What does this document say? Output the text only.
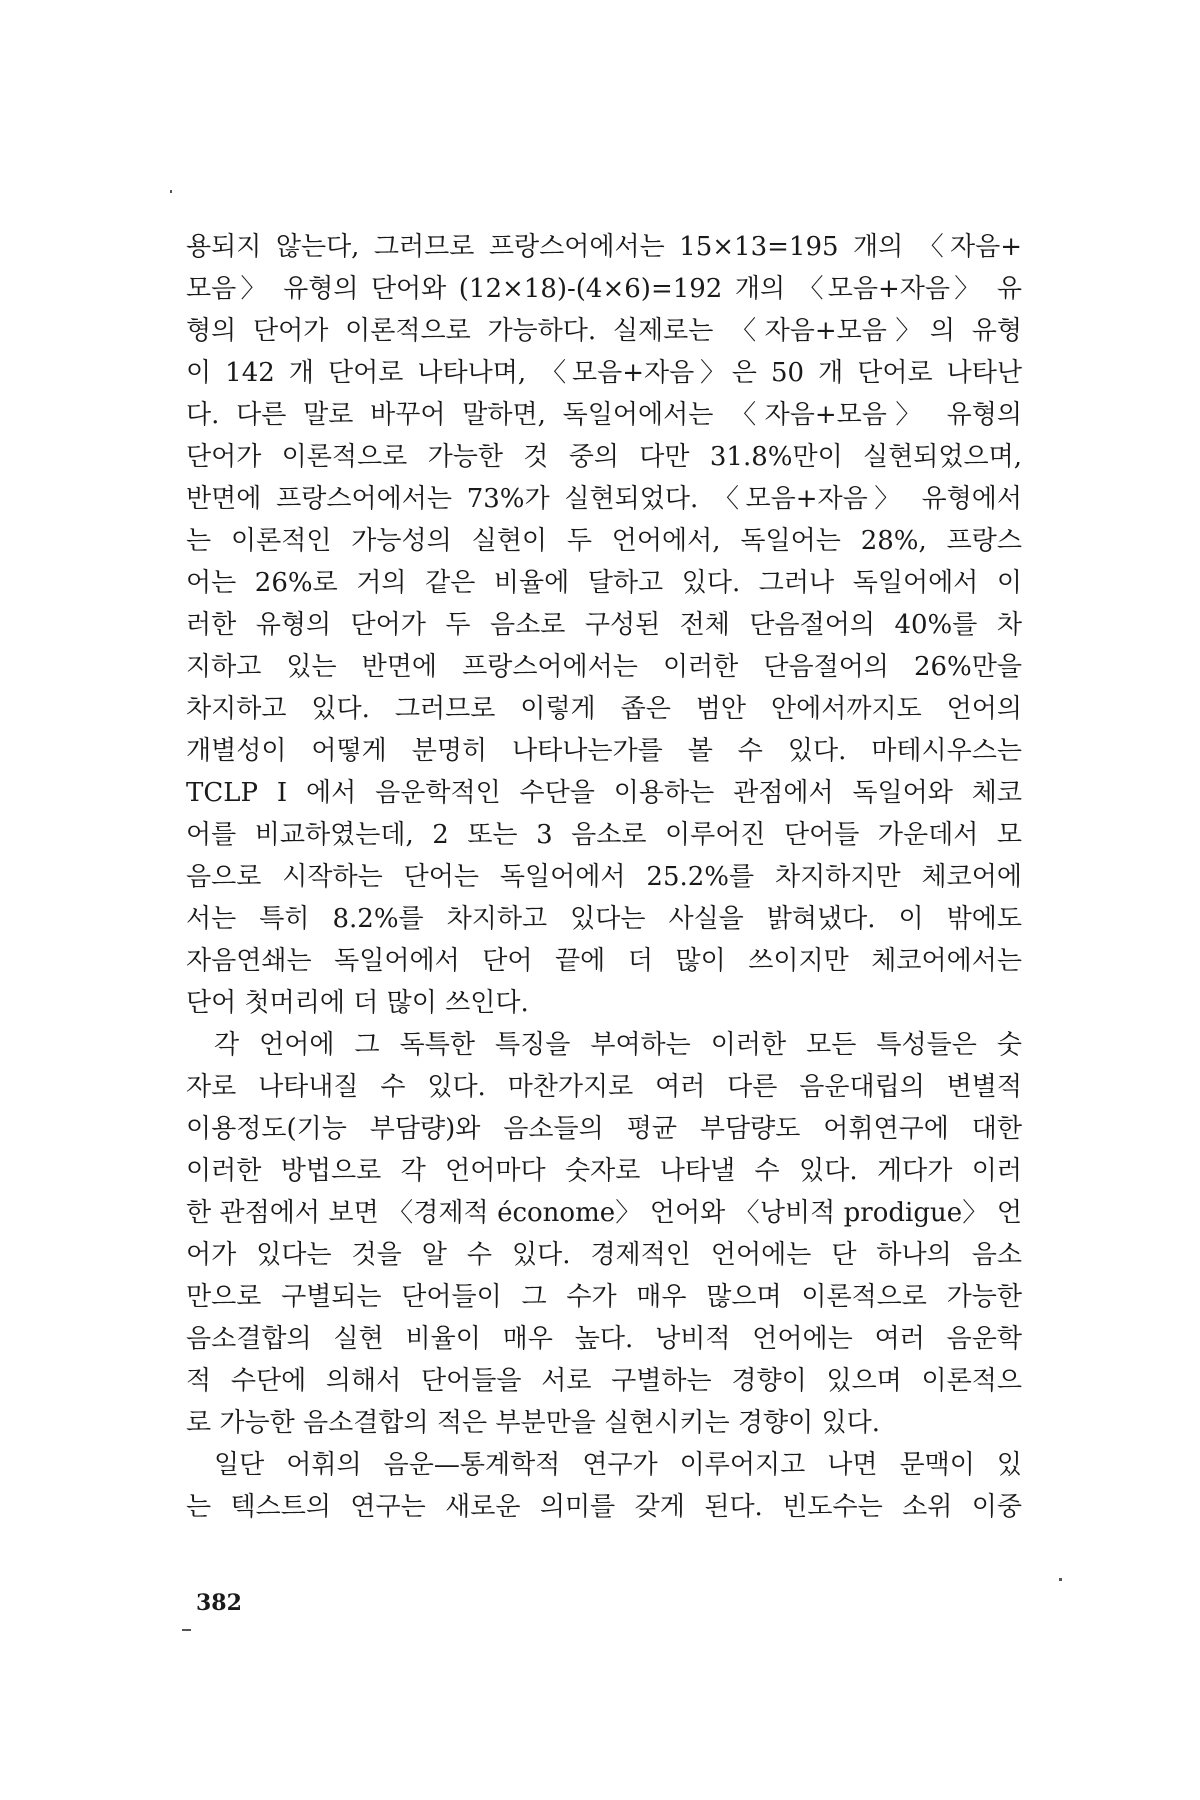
용되지 않는다, 그러므로 프랑스어에서는 15×13=195 개의 〈자음+
모음〉 유형의 단어와 (12×18)-(4×6)=192 개의 〈모음+자음〉 유
형의 단어가 이론적으로 가능하다. 실제로는 〈자음+모음〉의 유형
이 142 개 단어로 나타나며, 〈모음+자음〉은 50 개 단어로 나타난
다. 다른 말로 바꾸어 말하면, 독일어에서는 〈자음+모음〉 유형의
단어가 이론적으로 가능한 것 중의 다만 31.8%만이 실현되었으며,
반면에 프랑스어에서는 73%가 실현되었다. 〈모음+자음〉 유형에서
는 이론적인 가능성의 실현이 두 언어에서, 독일어는 28%, 프랑스
어는 26%로 거의 같은 비율에 달하고 있다. 그러나 독일어에서 이
러한 유형의 단어가 두 음소로 구성된 전체 단음절어의 40%를 차
지하고 있는 반면에 프랑스어에서는 이러한 단음절어의 26%만을
차지하고 있다. 그러므로 이렇게 좁은 범안 안에서까지도 언어의
개별성이 어떻게 분명히 나타나는가를 볼 수 있다. 마테시우스는
TCLP I 에서 음운학적인 수단을 이용하는 관점에서 독일어와 체코
어를 비교하였는데, 2 또는 3 음소로 이루어진 단어들 가운데서 모
음으로 시작하는 단어는 독일어에서 25.2%를 차지하지만 체코어에
서는 특히 8.2%를 차지하고 있다는 사실을 밝혀냈다. 이 밖에도
자음연쇄는 독일어에서 단어 끝에 더 많이 쓰이지만 체코어에서는
단어 첫머리에 더 많이 쓰인다.
각 언어에 그 독특한 특징을 부여하는 이러한 모든 특성들은 숫
자로 나타내질 수 있다. 마찬가지로 여러 다른 음운대립의 변별적
이용정도(기능 부담량)와 음소들의 평균 부담량도 어휘연구에 대한
이러한 방법으로 각 언어마다 숫자로 나타낼 수 있다. 게다가 이러
한 관점에서 보면 〈경제적 économe〉 언어와 〈낭비적 prodigue〉 언
어가 있다는 것을 알 수 있다. 경제적인 언어에는 단 하나의 음소
만으로 구별되는 단어들이 그 수가 매우 많으며 이론적으로 가능한
음소결합의 실현 비율이 매우 높다. 낭비적 언어에는 여러 음운학
적 수단에 의해서 단어들을 서로 구별하는 경향이 있으며 이론적으
로 가능한 음소결합의 적은 부분만을 실현시키는 경향이 있다.
일단 어휘의 음운—통계학적 연구가 이루어지고 나면 문맥이 있
는 텍스트의 연구는 새로운 의미를 갖게 된다. 빈도수는 소위 이중
382
